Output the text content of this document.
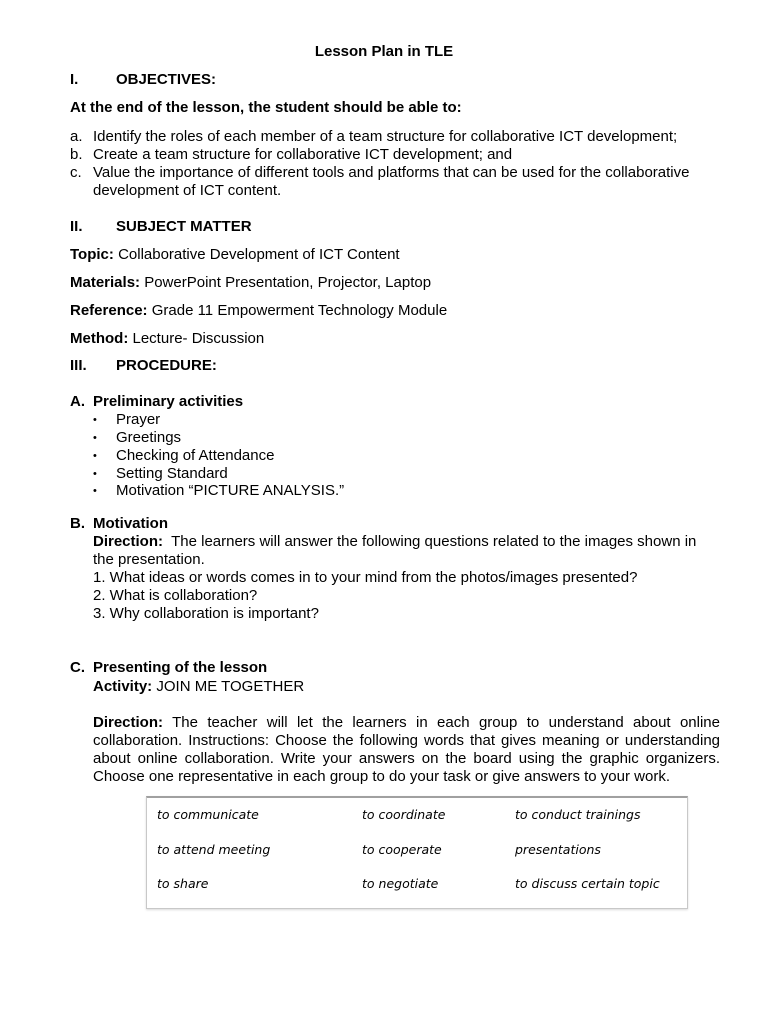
Lesson Plan in TLE
I.	OBJECTIVES:
At the end of the lesson, the student should be able to:
a. Identify the roles of each member of a team structure for collaborative ICT development;
b. Create a team structure for collaborative ICT development; and
c. Value the importance of different tools and platforms that can be used for the collaborative development of ICT content.
II. SUBJECT MATTER
Topic: Collaborative Development of ICT Content
Materials: PowerPoint Presentation, Projector, Laptop
Reference: Grade 11 Empowerment Technology Module
Method: Lecture- Discussion
III. PROCEDURE:
A. Preliminary activities
• Prayer
• Greetings
• Checking of Attendance
• Setting Standard
• Motivation “PICTURE ANALYSIS.”
B. Motivation
Direction: The learners will answer the following questions related to the images shown in
the presentation.
1. What ideas or words comes in to your mind from the photos/images presented?
2. What is collaboration?
3. Why collaboration is important?
C. Presenting of the lesson
Activity: JOIN ME TOGETHER
Direction: The teacher will let the learners in each group to understand about online collaboration. Instructions: Choose the following words that gives meaning or understanding about online collaboration. Write your answers on the board using the graphic organizers. Choose one representative in each group to do your task or give answers to your work.
to communicate	to coordinate	to conduct trainings
to attend meeting	to cooperate	presentations
to share	to negotiate	to discuss certain topic
